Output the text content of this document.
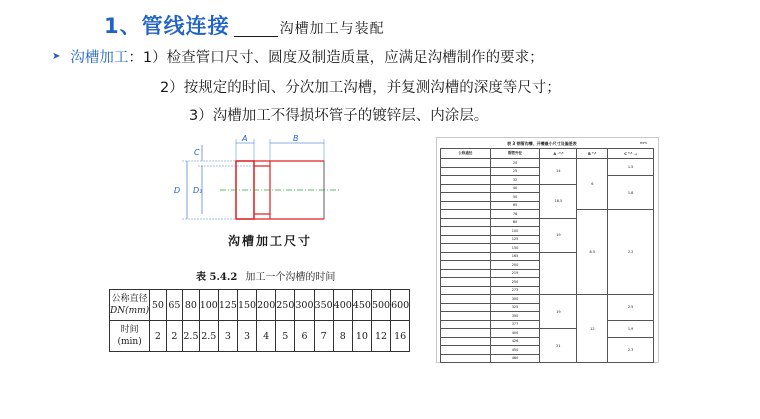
1、管线连接	沟槽加工与装配
➤ 沟槽加工 ：1）检查管口尺寸、圆度及制造质量，应满足沟槽制作的要求；
2）按规定的时间、分次加工沟槽，并复测沟槽的深度等尺寸；
3）沟槽加工不得损坏管子的镀锌层、内涂层。
A	B
C
D D₁
沟槽加工尺寸
表 5.4.2 加工一个沟槽的时间
公称直径
DN(mm)	50	65	80	100	125	150	200	250	300	350	400	450	500	600
时间
(min)	2	2	2.5	2.5	3	3	4	5	6	7	8	10	12	16
表 3 钢管沟槽、开槽最小尺寸及偏差表	mm
公称通径	钢管外径	A ⁻⁰·⁵	B ⁰·⁵	C ⁰·⁵ ₋₀
	20	14	6	1.5
	25			
	32			1.8
	40	16.5		
	50			
	65			
	76		8.5	2.2
	80	19		
	100			
	125			
	150			
	165			
	200			
	219			
	250			
	273			
	300	19	12	2.5
	325			
	350			
	377			1.9
	400	21		
	426			2.3
	450			
	480			
